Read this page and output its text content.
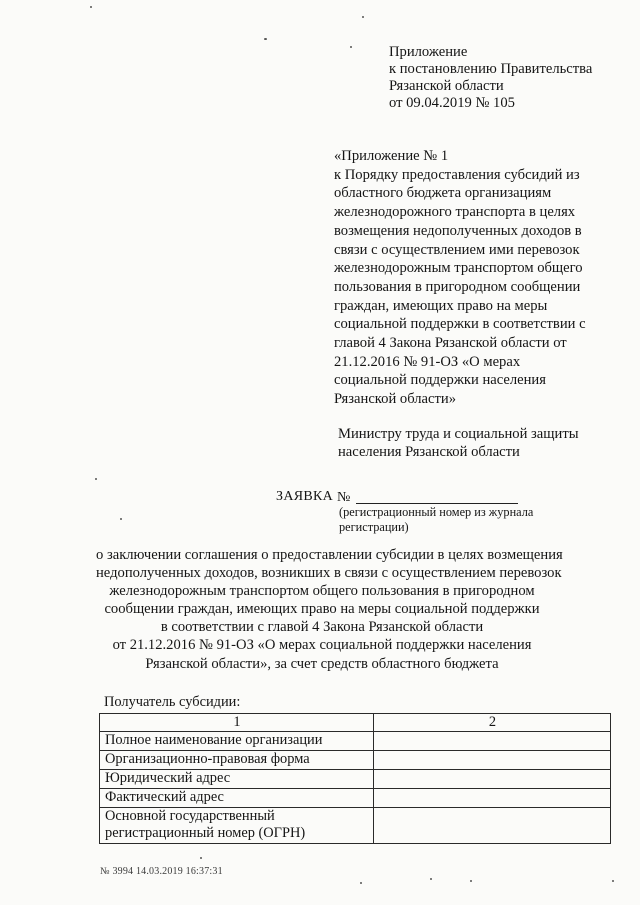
Приложение
к постановлению Правительства
Рязанской области
от 09.04.2019 № 105
«Приложение № 1
к Порядку предоставления субсидий из
областного бюджета организациям
железнодорожного транспорта в целях
возмещения недополученных доходов в
связи с осуществлением ими перевозок
железнодорожным транспортом общего
пользования в пригородном сообщении
граждан, имеющих право на меры
социальной поддержки в соответствии с
главой 4 Закона Рязанской области от
21.12.2016 № 91-ОЗ «О мерах
социальной поддержки населения
Рязанской области»
Министру труда и социальной защиты
населения Рязанской области
ЗАЯВКА №
(регистрационный номер из журнала
регистрации)
о заключении соглашения о предоставлении субсидии в целях возмещения
недополученных доходов, возникших в связи с осуществлением перевозок
железнодорожным транспортом общего пользования в пригородном
сообщении граждан, имеющих право на меры социальной поддержки
в соответствии с главой 4 Закона Рязанской области
от 21.12.2016 № 91-ОЗ «О мерах социальной поддержки населения
Рязанской области», за счет средств областного бюджета
Получатель субсидии:
1	2
Полное наименование организации	
Организационно-правовая форма	
Юридический адрес	
Фактический адрес	

Основной государственный
регистрационный номер (ОГРН)	

№ 3994 14.03.2019 16:37:31
